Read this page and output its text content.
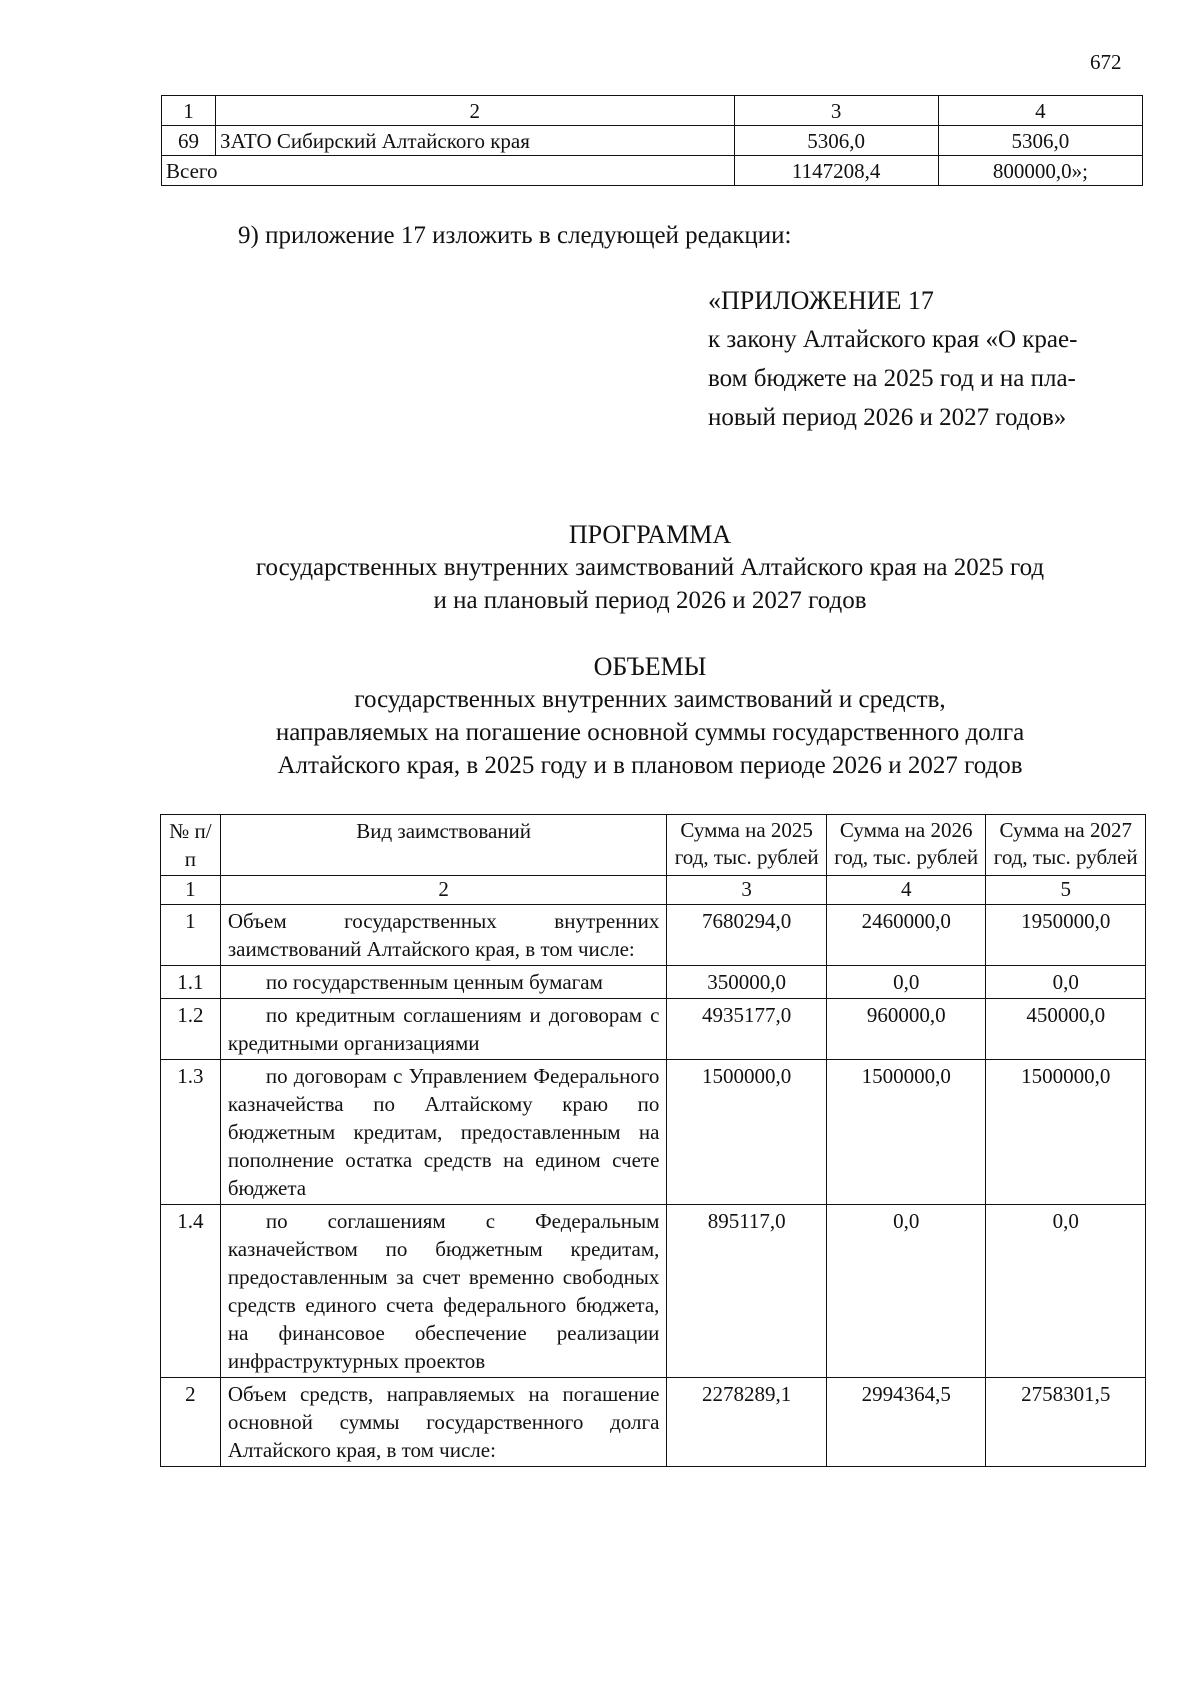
672
1	2	3	4
69	ЗАТО Сибирский Алтайского края	5306,0	5306,0
Всего		1147208,4	800000,0»;
9) приложение 17 изложить в следующей редакции:
«ПРИЛОЖЕНИЕ 17
к закону Алтайского края «О крае-
вом бюджете на 2025 год и на пла-
новый период 2026 и 2027 годов»
ПРОГРАММА
государственных внутренних заимствований Алтайского края на 2025 год
и на плановый период 2026 и 2027 годов
ОБЪЕМЫ
государственных внутренних заимствований и средств,
направляемых на погашение основной суммы государственного долга
Алтайского края, в 2025 году и в плановом периоде 2026 и 2027 годов
№ п/п	Вид заимствований	Сумма на 2025 год, тыс. рублей	Сумма на 2026 год, тыс. рублей	Сумма на 2027 год, тыс. рублей
1	2	3	4	5
1	Объем государственных внутренних заимствований Алтайского края, в том числе:	7680294,0	2460000,0	1950000,0
1.1	по государственным ценным бумагам	350000,0	0,0	0,0
1.2	по кредитным соглашениям и договорам с кредитными организациями	4935177,0	960000,0	450000,0
1.3	по договорам с Управлением Федерального казначейства по Алтайскому краю по бюджетным кредитам, предоставленным на пополнение остатка средств на едином счете бюджета	1500000,0	1500000,0	1500000,0
1.4	по соглашениям с Федеральным казначейством по бюджетным кредитам, предоставленным за счет временно свободных средств единого счета федерального бюджета, на финансовое обеспечение реализации инфраструктурных проектов	895117,0	0,0	0,0
2	Объем средств, направляемых на погашение основной суммы государственного долга Алтайского края, в том числе:	2278289,1	2994364,5	2758301,5
